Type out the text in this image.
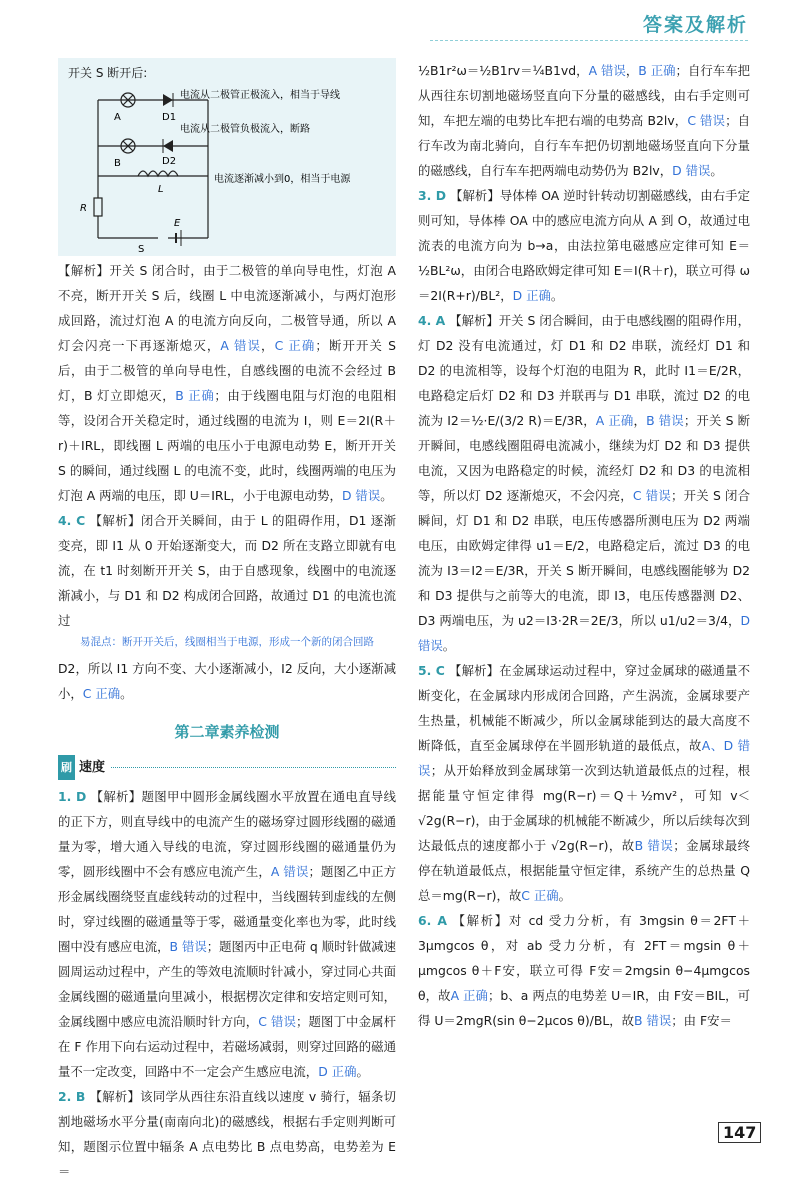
答案及解析
开关 S 断开后:
A
B
D1
D2
L
R
E
S
电流从二极管正极流入，相当于导线
电流从二极管负极流入，断路
电流逐渐减小到0，相当于电源

【解析】开关 S 闭合时，由于二极管的单向导电性，灯泡 A 不亮，断开开关 S 后，线圈 L 中电流逐渐减小，与两灯泡形成回路，流过灯泡 A 的电流方向反向，二极管导通，所以 A 灯会闪亮一下再逐渐熄灭，A 错误，C 正确；断开开关 S 后，由于二极管的单向导电性，自感线圈的电流不会经过 B 灯，B 灯立即熄灭，B 正确；由于线圈电阻与灯泡的电阻相等，设闭合开关稳定时，通过线圈的电流为 I，则 E＝2I(R＋r)＋IRL，即线圈 L 两端的电压小于电源电动势 E，断开开关 S 的瞬间，通过线圈 L 的电流不变，此时，线圈两端的电压为灯泡 A 两端的电压，即 U＝IRL，小于电源电动势，D 错误。

4. C 【解析】闭合开关瞬间，由于 L 的阻碍作用，D1 逐渐变亮，即 I1 从 0 开始逐渐变大，而 D2 所在支路立即就有电流，在 t1 时刻断开开关 S，由于自感现象，线圈中的电流逐渐减小，与 D1 和 D2 构成闭合回路，故通过 D1 的电流也流过

易混点：断开开关后，线圈相当于电源，形成一个新的闭合回路

D2，所以 I1 方向不变、大小逐渐减小，I2 反向，大小逐渐减小，C 正确。

第二章素养检测
刷 速度

1. D 【解析】题图甲中圆形金属线圈水平放置在通电直导线的正下方，则直导线中的电流产生的磁场穿过圆形线圈的磁通量为零，增大通入导线的电流，穿过圆形线圈的磁通量仍为零，圆形线圈中不会有感应电流产生，A 错误；题图乙中正方形金属线圈绕竖直虚线转动的过程中，当线圈转到虚线的左侧时，穿过线圈的磁通量等于零，磁通量变化率也为零，此时线圈中没有感应电流，B 错误；题图丙中正电荷 q 顺时针做减速圆周运动过程中，产生的等效电流顺时针减小，穿过同心共面金属线圈的磁通量向里减小，根据楞次定律和安培定则可知，金属线圈中感应电流沿顺时针方向，C 错误；题图丁中金属杆在 F 作用下向右运动过程中，若磁场减弱，则穿过回路的磁通量不一定改变，回路中不一定会产生感应电流，D 正确。

2. B 【解析】该同学从西往东沿直线以速度 v 骑行，辐条切割地磁场水平分量(南南向北)的磁感线，根据右手定则判断可知，题图示位置中辐条 A 点电势比 B 点电势高，电势差为 E＝

½B1r²ω＝½B1rv＝¼B1vd，A 错误，B 正确；自行车车把从西往东切割地磁场竖直向下分量的磁感线，由右手定则可知，车把左端的电势比车把右端的电势高 B2lv，C 错误；自行车改为南北骑向，自行车车把仍切割地磁场竖直向下分量的磁感线，自行车车把两端电动势仍为 B2lv，D 错误。

3. D 【解析】导体棒 OA 逆时针转动切割磁感线，由右手定则可知，导体棒 OA 中的感应电流方向从 A 到 O，故通过电流表的电流方向为 b→a，由法拉第电磁感应定律可知 E＝½BL²ω，由闭合电路欧姆定律可知 E＝I(R＋r)，联立可得 ω＝2I(R+r)/BL²，D 正确。

4. A 【解析】开关 S 闭合瞬间，由于电感线圈的阻碍作用，灯 D2 没有电流通过，灯 D1 和 D2 串联，流经灯 D1 和 D2 的电流相等，设每个灯泡的电阻为 R，此时 I1＝E/2R，电路稳定后灯 D2 和 D3 并联再与 D1 串联，流过 D2 的电流为 I2＝½·E/(3/2 R)＝E/3R，A 正确，B 错误；开关 S 断开瞬间，电感线圈阻碍电流减小，继续为灯 D2 和 D3 提供电流，又因为电路稳定的时候，流经灯 D2 和 D3 的电流相等，所以灯 D2 逐渐熄灭，不会闪亮，C 错误；开关 S 闭合瞬间，灯 D1 和 D2 串联，电压传感器所测电压为 D2 两端电压，由欧姆定律得 u1＝E/2，电路稳定后，流过 D3 的电流为 I3＝I2＝E/3R，开关 S 断开瞬间，电感线圈能够为 D2 和 D3 提供与之前等大的电流，即 I3，电压传感器测 D2、D3 两端电压，为 u2＝I3·2R＝2E/3，所以 u1/u2＝3/4，D 错误。

5. C 【解析】在金属球运动过程中，穿过金属球的磁通量不断变化，在金属球内形成闭合回路，产生涡流，金属球要产生热量，机械能不断减少，所以金属球能到达的最大高度不断降低，直至金属球停在半圆形轨道的最低点，故A、D 错误；从开始释放到金属球第一次到达轨道最低点的过程，根据能量守恒定律得 mg(R−r)＝Q＋½mv²，可知 v＜√2g(R−r)，由于金属球的机械能不断减少，所以后续每次到达最低点的速度都小于 √2g(R−r)，故B 错误；金属球最终停在轨道最低点，根据能量守恒定律，系统产生的总热量 Q总＝mg(R−r)，故C 正确。

6. A 【解析】对 cd 受力分析，有 3mgsin θ＝2FT＋3μmgcos θ，对 ab 受力分析，有 2FT＝mgsin θ＋μmgcos θ＋F安，联立可得 F安＝2mgsin θ−4μmgcos θ，故A 正确；b、a 两点的电势差 U＝IR，由 F安＝BIL，可得 U＝2mgR(sin θ−2μcos θ)/BL，故B 错误；由 F安＝

147
